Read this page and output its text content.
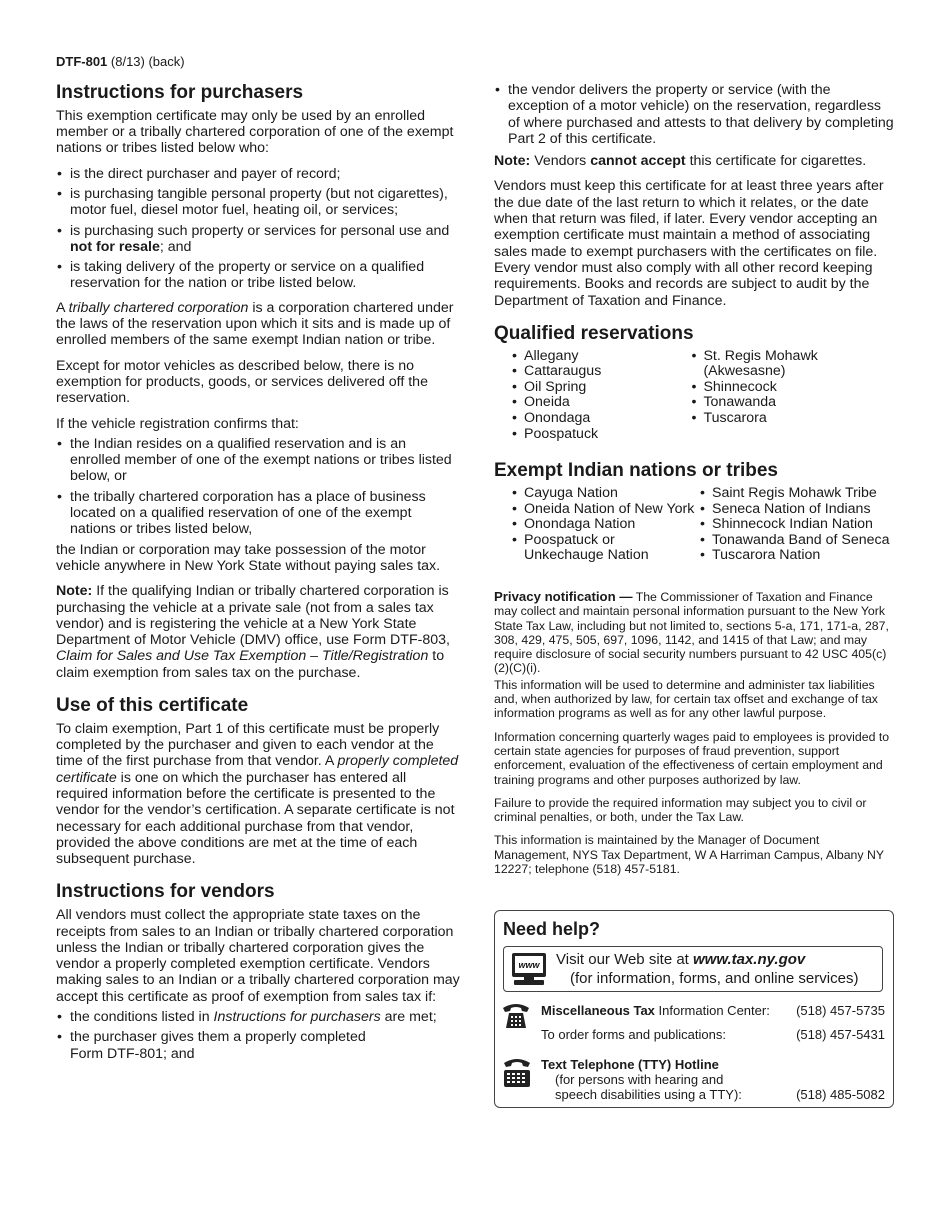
DTF-801 (8/13) (back)
Instructions for purchasers

This exemption certificate may only be used by an enrolled member or a tribally chartered corporation of one of the exempt nations or tribes listed below who:

• is the direct purchaser and payer of record;
• is purchasing tangible personal property (but not cigarettes), motor fuel, diesel motor fuel, heating oil, or services;
• is purchasing such property or services for personal use and not for resale; and
• is taking delivery of the property or service on a qualified reservation for the nation or tribe listed below.

A tribally chartered corporation is a corporation chartered under the laws of the reservation upon which it sits and is made up of enrolled members of the same exempt Indian nation or tribe.

Except for motor vehicles as described below, there is no exemption for products, goods, or services delivered off the reservation.

If the vehicle registration confirms that:

• the Indian resides on a qualified reservation and is an enrolled member of one of the exempt nations or tribes listed below, or
• the tribally chartered corporation has a place of business located on a qualified reservation of one of the exempt nations or tribes listed below,

the Indian or corporation may take possession of the motor vehicle anywhere in New York State without paying sales tax.

Note: If the qualifying Indian or tribally chartered corporation is purchasing the vehicle at a private sale (not from a sales tax vendor) and is registering the vehicle at a New York State Department of Motor Vehicle (DMV) office, use Form DTF-803, Claim for Sales and Use Tax Exemption – Title/Registration to claim exemption from sales tax on the purchase.

Use of this certificate

To claim exemption, Part 1 of this certificate must be properly completed by the purchaser and given to each vendor at the time of the first purchase from that vendor. A properly completed certificate is one on which the purchaser has entered all required information before the certificate is presented to the vendor for the vendor’s certification. A separate certificate is not necessary for each additional purchase from that vendor, provided the above conditions are met at the time of each subsequent purchase.

Instructions for vendors

All vendors must collect the appropriate state taxes on the receipts from sales to an Indian or tribally chartered corporation unless the Indian or tribally chartered corporation gives the vendor a properly completed exemption certificate. Vendors making sales to an Indian or a tribally chartered corporation may accept this certificate as proof of exemption from sales tax if:

• the conditions listed in Instructions for purchasers are met;
• the purchaser gives them a properly completed Form DTF-801; and
• the vendor delivers the property or service (with the exception of a motor vehicle) on the reservation, regardless of where purchased and attests to that delivery by completing Part 2 of this certificate.

Note: Vendors cannot accept this certificate for cigarettes.

Vendors must keep this certificate for at least three years after the due date of the last return to which it relates, or the date when that return was filed, if later. Every vendor accepting an exemption certificate must maintain a method of associating sales made to exempt purchasers with the certificates on file. Every vendor must also comply with all other record keeping requirements. Books and records are subject to audit by the Department of Taxation and Finance.

Qualified reservations
• Allegany
• Cattaraugus
• Oil Spring
• Oneida
• Onondaga
• Poospatuck
• St. Regis Mohawk (Akwesasne)
• Shinnecock
• Tonawanda
• Tuscarora
Exempt Indian nations or tribes
• Cayuga Nation
• Oneida Nation of New York
• Onondaga Nation
• Poospatuck or Unkechauge Nation
• Saint Regis Mohawk Tribe
• Seneca Nation of Indians
• Shinnecock Indian Nation
• Tonawanda Band of Seneca
• Tuscarora Nation

Privacy notification — The Commissioner of Taxation and Finance may collect and maintain personal information pursuant to the New York State Tax Law, including but not limited to, sections 5-a, 171, 171-a, 287, 308, 429, 475, 505, 697, 1096, 1142, and 1415 of that Law; and may require disclosure of social security numbers pursuant to 42 USC 405(c)(2)(C)(i).

This information will be used to determine and administer tax liabilities and, when authorized by law, for certain tax offset and exchange of tax information programs as well as for any other lawful purpose.

Information concerning quarterly wages paid to employees is provided to certain state agencies for purposes of fraud prevention, support enforcement, evaluation of the effectiveness of certain employment and training programs and other purposes authorized by law.

Failure to provide the required information may subject you to civil or criminal penalties, or both, under the Tax Law.

This information is maintained by the Manager of Document Management, NYS Tax Department, W A Harriman Campus, Albany NY 12227; telephone (518) 457-5181.

Need help?
www Visit our Web site at www.tax.ny.gov
(for information, forms, and online services)
Miscellaneous Tax Information Center: (518) 457-5735
To order forms and publications:	(518) 457-5431
Text Telephone (TTY) Hotline
(for persons with hearing and
speech disabilities using a TTY):	(518) 485-5082
